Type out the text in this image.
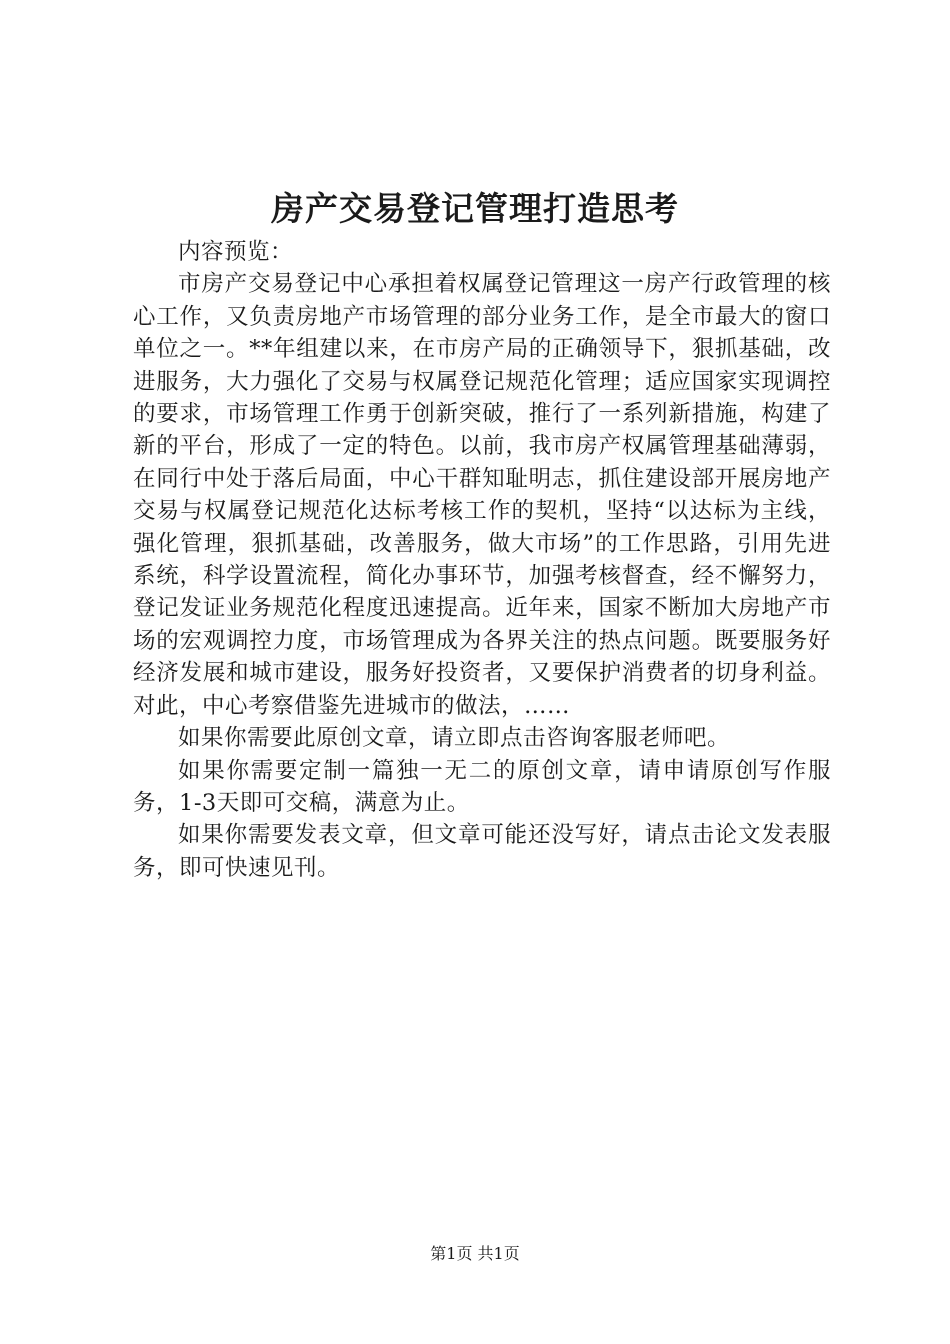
房产交易登记管理打造思考

内容预览：

市房产交易登记中心承担着权属登记管理这一房产行政管理的核心工作，又负责房地产市场管理的部分业务工作，是全市最大的窗口单位之一。**年组建以来，在市房产局的正确领导下，狠抓基础，改进服务，大力强化了交易与权属登记规范化管理；适应国家实现调控的要求，市场管理工作勇于创新突破，推行了一系列新措施，构建了新的平台，形成了一定的特色。以前，我市房产权属管理基础薄弱，在同行中处于落后局面，中心干群知耻明志，抓住建设部开展房地产交易与权属登记规范化达标考核工作的契机，坚持“以达标为主线，强化管理，狠抓基础，改善服务，做大市场”的工作思路，引用先进系统，科学设置流程，简化办事环节，加强考核督查，经不懈努力，登记发证业务规范化程度迅速提高。近年来，国家不断加大房地产市场的宏观调控力度，市场管理成为各界关注的热点问题。既要服务好经济发展和城市建设，服务好投资者，又要保护消费者的切身利益。对此，中心考察借鉴先进城市的做法，……

如果你需要此原创文章，请立即点击咨询客服老师吧。

如果你需要定制一篇独一无二的原创文章，请申请原创写作服务，1-3天即可交稿，满意为止。

如果你需要发表文章，但文章可能还没写好，请点击论文发表服务，即可快速见刊。

第1页 共1页
